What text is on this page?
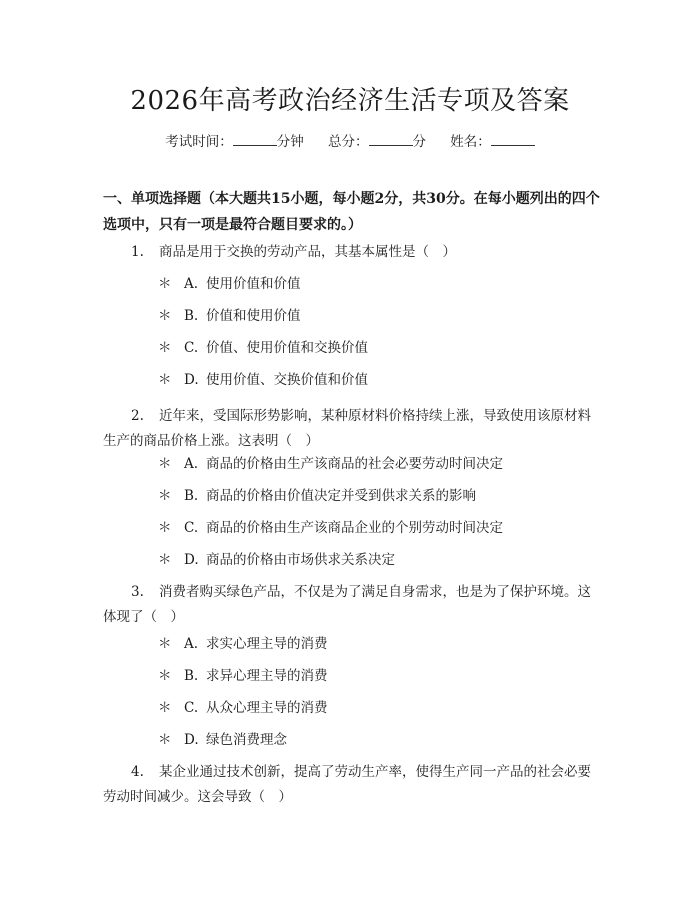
2026年高考政治经济生活专项及答案
考试时间：	分钟 总分：	分 姓名：
一、单项选择题（本大题共15小题，每小题2分，共30分。在每小题列出的四个选项中，只有一项是最符合题目要求的。）
1. 商品是用于交换的劳动产品，其基本属性是（　）
＊ A. 使用价值和价值
＊ B. 价值和使用价值
＊ C. 价值、使用价值和交换价值
＊ D. 使用价值、交换价值和价值
2. 近年来，受国际形势影响，某种原材料价格持续上涨，导致使用该原材料生产的商品价格上涨。这表明（　）
＊ A. 商品的价格由生产该商品的社会必要劳动时间决定
＊ B. 商品的价格由价值决定并受到供求关系的影响
＊ C. 商品的价格由生产该商品企业的个别劳动时间决定
＊ D. 商品的价格由市场供求关系决定
3. 消费者购买绿色产品，不仅是为了满足自身需求，也是为了保护环境。这体现了（　）
＊ A. 求实心理主导的消费
＊ B. 求异心理主导的消费
＊ C. 从众心理主导的消费
＊ D. 绿色消费理念
4. 某企业通过技术创新，提高了劳动生产率，使得生产同一产品的社会必要劳动时间减少。这会导致（　）
